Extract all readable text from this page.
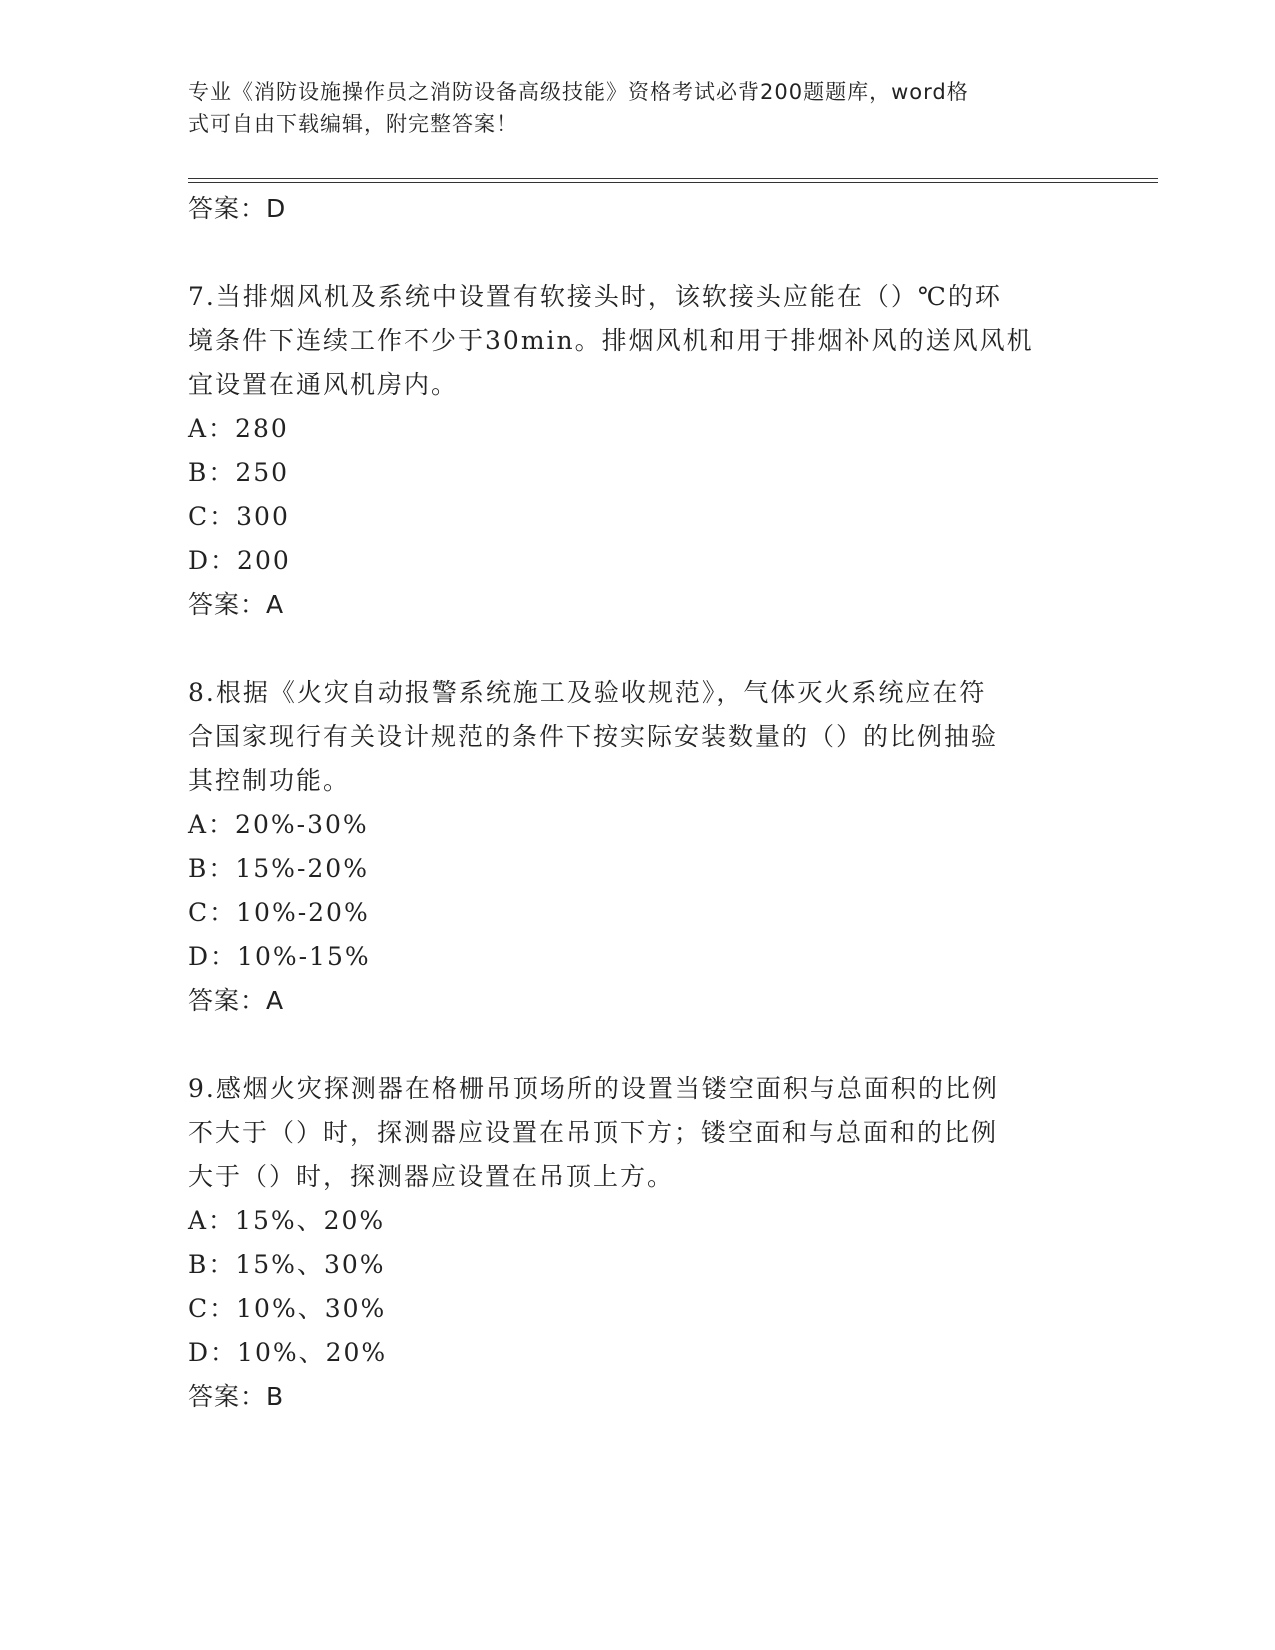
专业《消防设施操作员之消防设备高级技能》资格考试必背200题题库，word格
式可自由下载编辑，附完整答案！
答案：D
7.当排烟风机及系统中设置有软接头时，该软接头应能在（）℃的环
境条件下连续工作不少于30min。排烟风机和用于排烟补风的送风风机
宜设置在通风机房内。
A：280
B：250
C：300
D：200
答案：A
8.根据《火灾自动报警系统施工及验收规范》，气体灭火系统应在符
合国家现行有关设计规范的条件下按实际安装数量的（）的比例抽验
其控制功能。
A：20%-30%
B：15%-20%
C：10%-20%
D：10%-15%
答案：A
9.感烟火灾探测器在格栅吊顶场所的设置当镂空面积与总面积的比例
不大于（）时，探测器应设置在吊顶下方；镂空面和与总面和的比例
大于（）时，探测器应设置在吊顶上方。
A：15%、20%
B：15%、30%
C：10%、30%
D：10%、20%
答案：B
